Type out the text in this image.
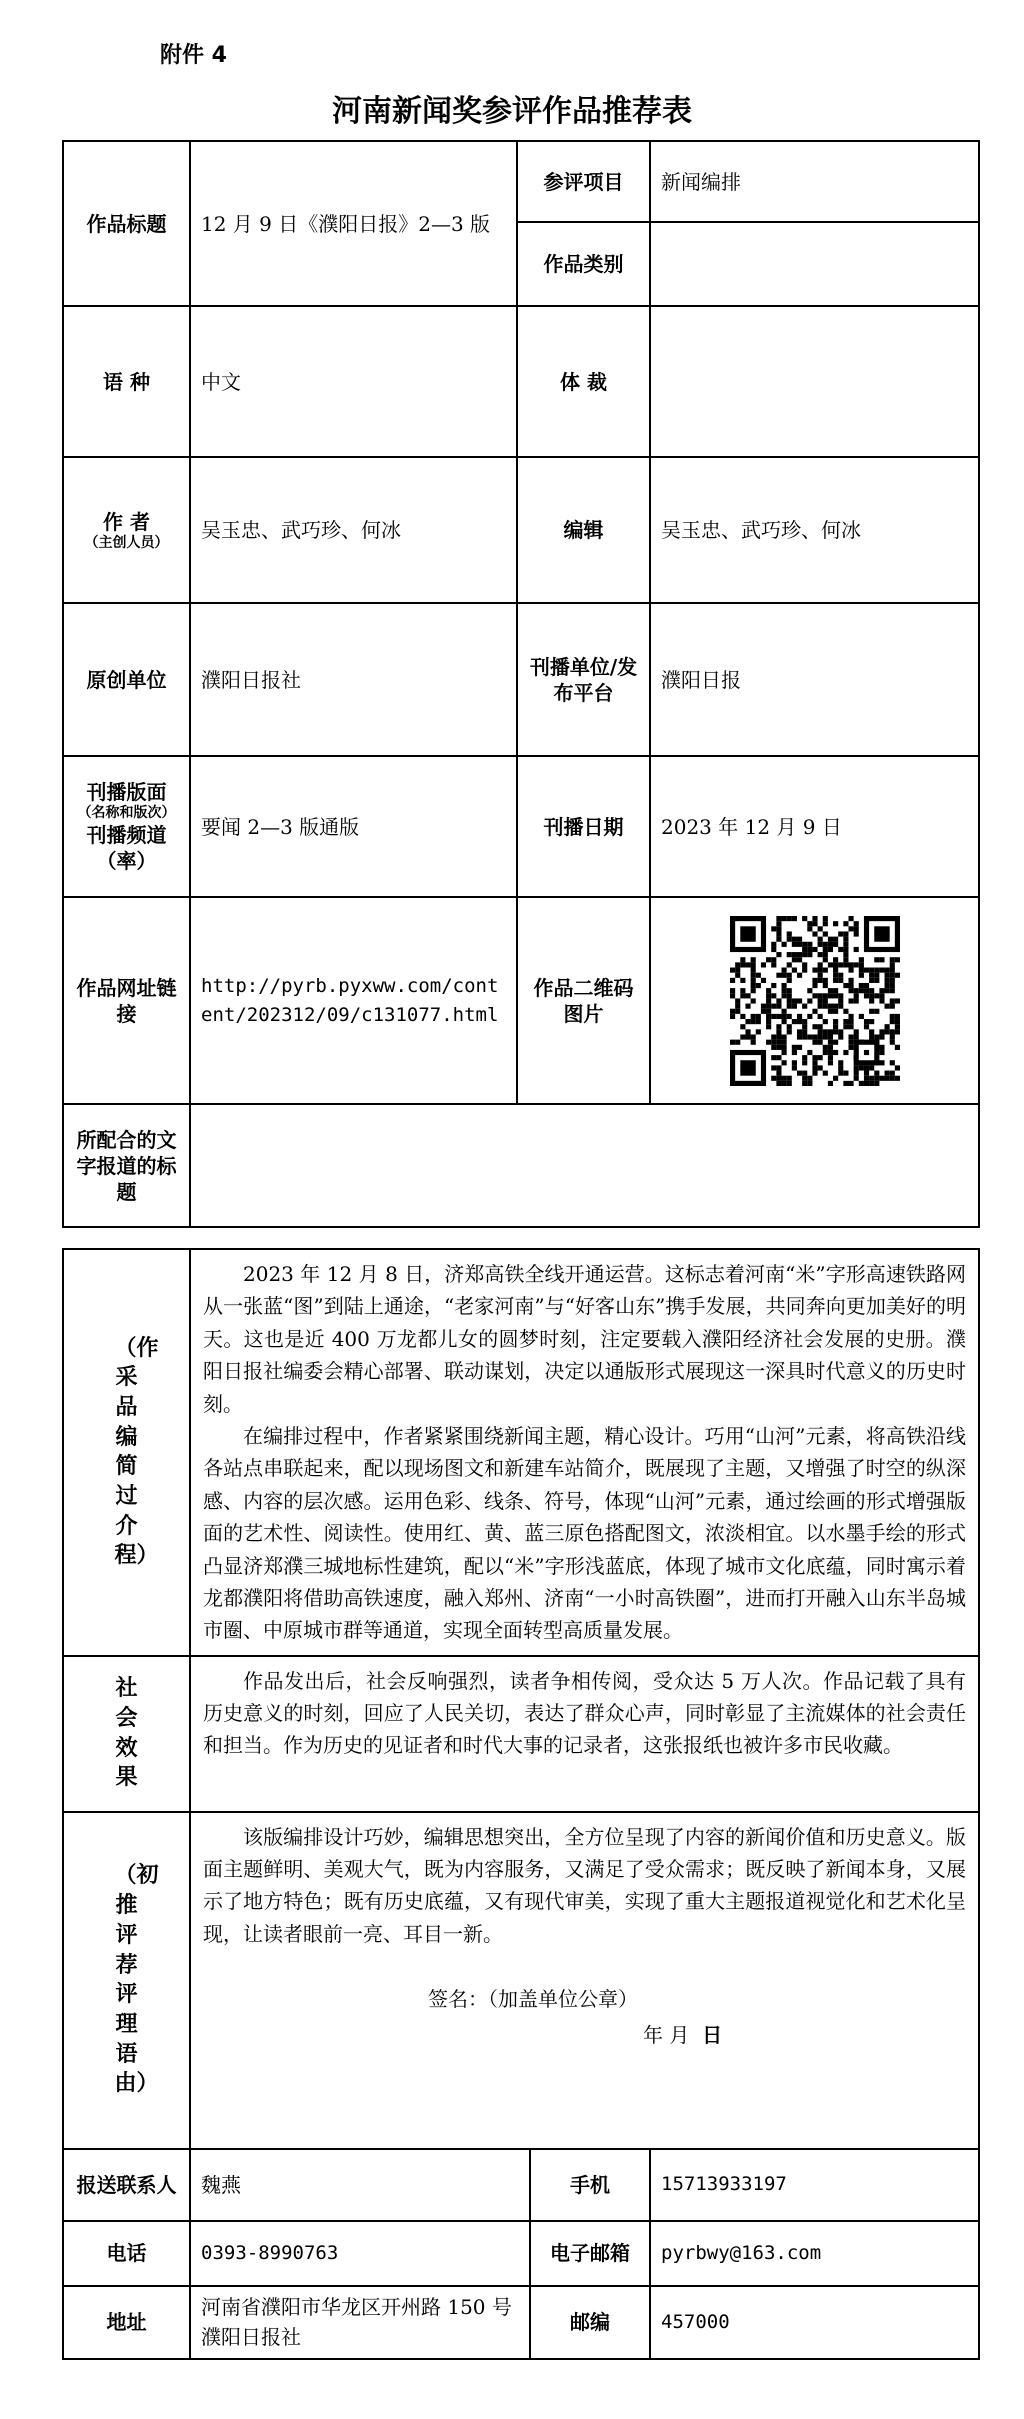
附件 4
河南新闻奖参评作品推荐表
作品标题	12 月 9 日《濮阳日报》2—3 版	参评项目	新闻编排
		作品类别	
语 种	中文	体 裁	
作 者
（主创人员）	吴玉忠、武巧珍、何冰	编辑	吴玉忠、武巧珍、何冰
原创单位	濮阳日报社	刊播单位/发布平台	濮阳日报
刊播版面
（名称和版次）
刊播频道（率）	要闻 2—3 版通版	刊播日期	2023 年 12 月 9 日
作品网址链接	http://pyrb.pyxww.com/content/202312/09/c131077.html	作品二维码图片	

所配合的文字报道的标题			
（作采品编简过介程）	2023 年 12 月 8 日，济郑高铁全线开通运营。这标志着河南“米”字形高速铁路网从一张蓝“图”到陆上通途，“老家河南”与“好客山东”携手发展，共同奔向更加美好的明天。这也是近 400 万龙都儿女的圆梦时刻，注定要载入濮阳经济社会发展的史册。濮阳日报社编委会精心部署、联动谋划，决定以通版形式展现这一深具时代意义的历史时刻。

在编排过程中，作者紧紧围绕新闻主题，精心设计。巧用“山河”元素，将高铁沿线各站点串联起来，配以现场图文和新建车站简介，既展现了主题，又增强了时空的纵深感、内容的层次感。运用色彩、线条、符号，体现“山河”元素，通过绘画的形式增强版面的艺术性、阅读性。使用红、黄、蓝三原色搭配图文，浓淡相宜。以水墨手绘的形式凸显济郑濮三城地标性建筑，配以“米”字形浅蓝底，体现了城市文化底蕴，同时寓示着龙都濮阳将借助高铁速度，融入郑州、济南“一小时高铁圈”，进而打开融入山东半岛城市圈、中原城市群等通道，实现全面转型高质量发展。		

社会效果	作品发出后，社会反响强烈，读者争相传阅，受众达 5 万人次。作品记载了具有历史意义的时刻，回应了人民关切，表达了群众心声，同时彰显了主流媒体的社会责任和担当。作为历史的见证者和时代大事的记录者，这张报纸也被许多市民收藏。		

（初推评荐评理语由）	该版编排设计巧妙，编辑思想突出，全方位呈现了内容的新闻价值和历史意义。版面主题鲜明、美观大气，既为内容服务，又满足了受众需求；既反映了新闻本身，又展示了地方特色；既有历史底蕴，又有现代审美，实现了重大主题报道视觉化和艺术化呈现，让读者眼前一亮、耳目一新。

签名：（加盖单位公章）
年 月 日		

报送联系人	魏燕	手机	15713933197
电话	0393-8990763	电子邮箱	pyrbwy@163.com
地址	河南省濮阳市华龙区开州路 150 号濮阳日报社	邮编	457000
